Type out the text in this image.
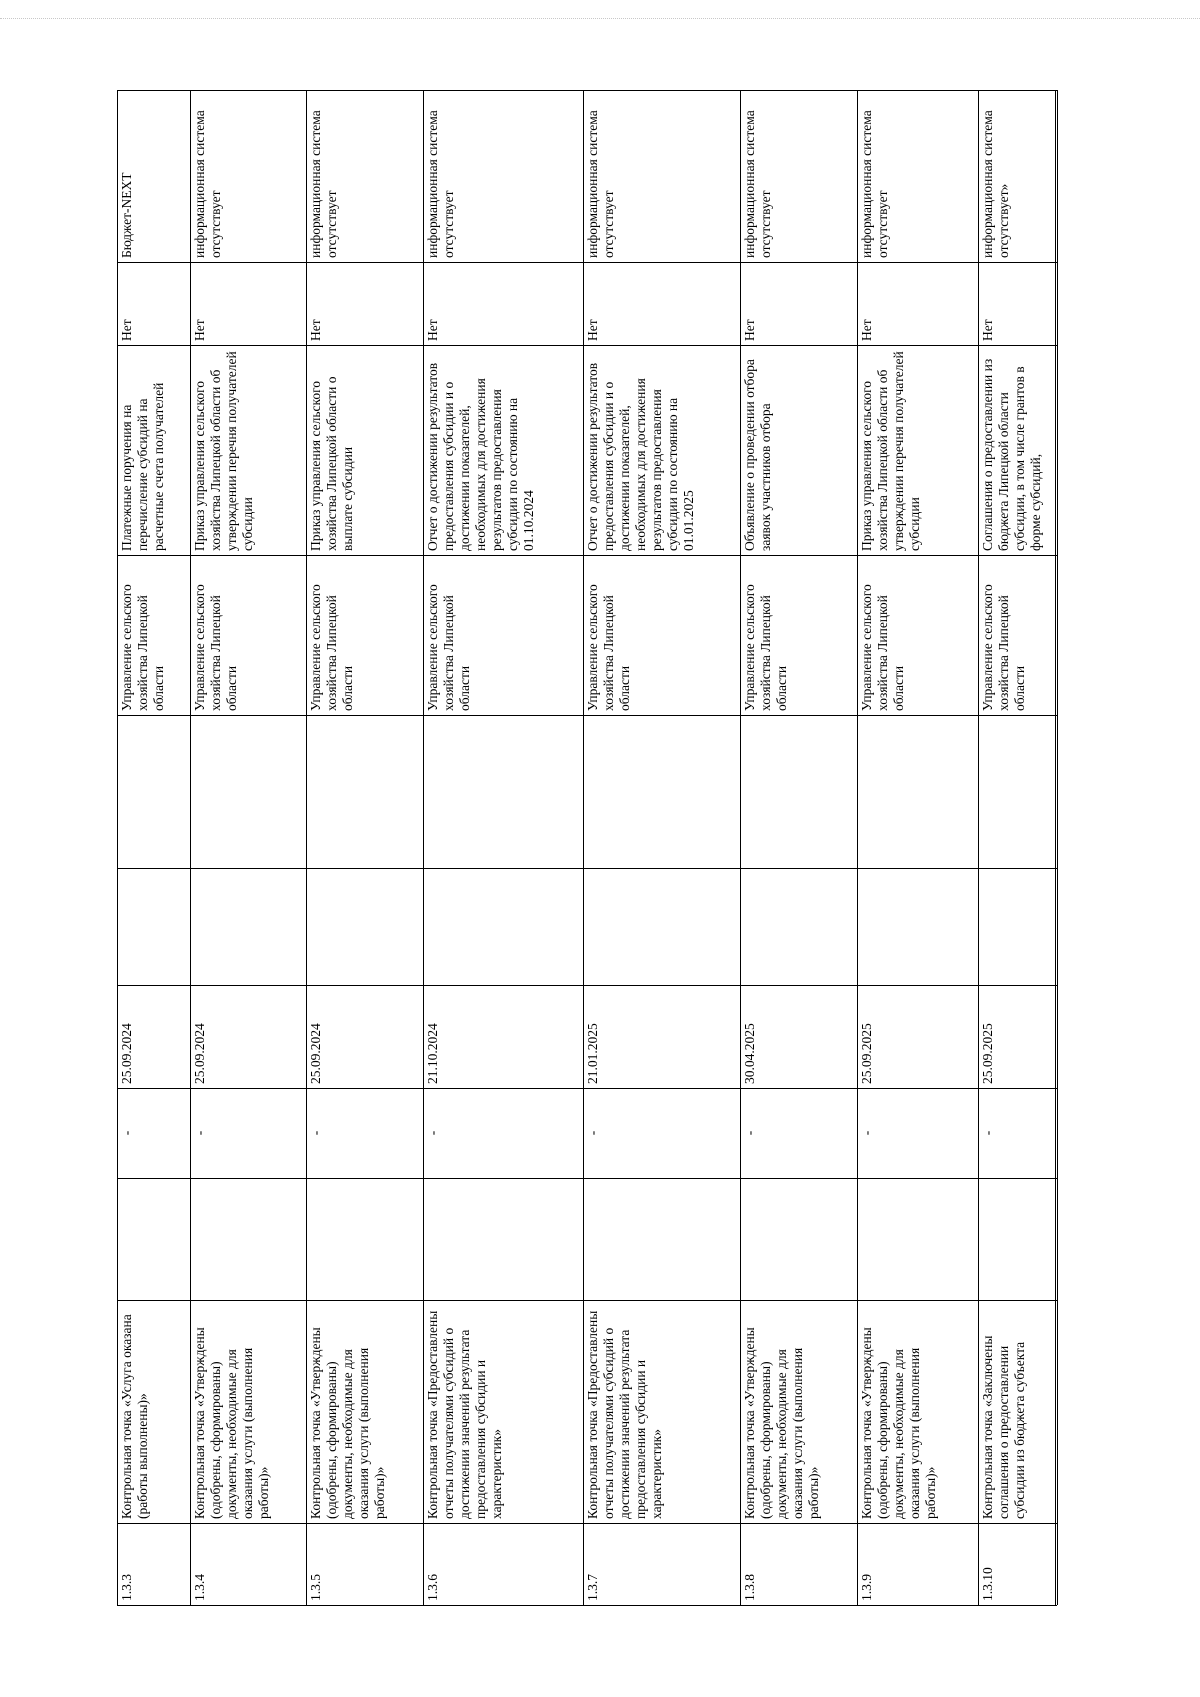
1.3.3
Контрольная точка «Услуга оказана (работы выполнены)»
-
25.09.2024
Управление сельского хозяйства Липецкой области
Платежные поручения на перечисление субсидий на расчетные счета получателей
Нет
Бюджет-NEXT
1.3.4
Контрольная точка «Утверждены (одобрены, сформированы) документы, необходимые для оказания услуги (выполнения работы)»
-
25.09.2024
Управление сельского хозяйства Липецкой области
Приказ управления сельского хозяйства Липецкой области об утверждении перечня получателей субсидии
Нет
информационная система отсутствует
1.3.5
Контрольная точка «Утверждены (одобрены, сформированы) документы, необходимые для оказания услуги (выполнения работы)»
-
25.09.2024
Управление сельского хозяйства Липецкой области
Приказ управления сельского хозяйства Липецкой области о выплате субсидии
Нет
информационная система отсутствует
1.3.6
Контрольная точка «Предоставлены отчеты получателями субсидий о достижении значений результата предоставления субсидии и характеристик»
-
21.10.2024
Управление сельского хозяйства Липецкой области
Отчет о достижении результатов предоставления субсидии и о достижении показателей, необходимых для достижения результатов предоставления субсидии по состоянию на 01.10.2024
Нет
информационная система отсутствует
1.3.7
Контрольная точка «Предоставлены отчеты получателями субсидий о достижении значений результата предоставления субсидии и характеристик»
-
21.01.2025
Управление сельского хозяйства Липецкой области
Отчет о достижении результатов предоставления субсидии и о достижении показателей, необходимых для достижения результатов предоставления субсидии по состоянию на 01.01.2025
Нет
информационная система отсутствует
1.3.8
Контрольная точка «Утверждены (одобрены, сформированы) документы, необходимые для оказания услуги (выполнения работы)»
-
30.04.2025
Управление сельского хозяйства Липецкой области
Объявление о проведении отбора заявок участников отбора
Нет
информационная система отсутствует
1.3.9
Контрольная точка «Утверждены (одобрены, сформированы) документы, необходимые для оказания услуги (выполнения работы)»
-
25.09.2025
Управление сельского хозяйства Липецкой области
Приказ управления сельского хозяйства Липецкой области об утверждении перечня получателей субсидии
Нет
информационная система отсутствует
1.3.10
Контрольная точка «Заключены соглашения о предоставлении субсидии из бюджета субъекта
-
25.09.2025
Управление сельского хозяйства Липецкой области
Соглашения о предоставлении из бюджета Липецкой области субсидии, в том числе грантов в форме субсидий,
Нет
информационная система отсутствует»
